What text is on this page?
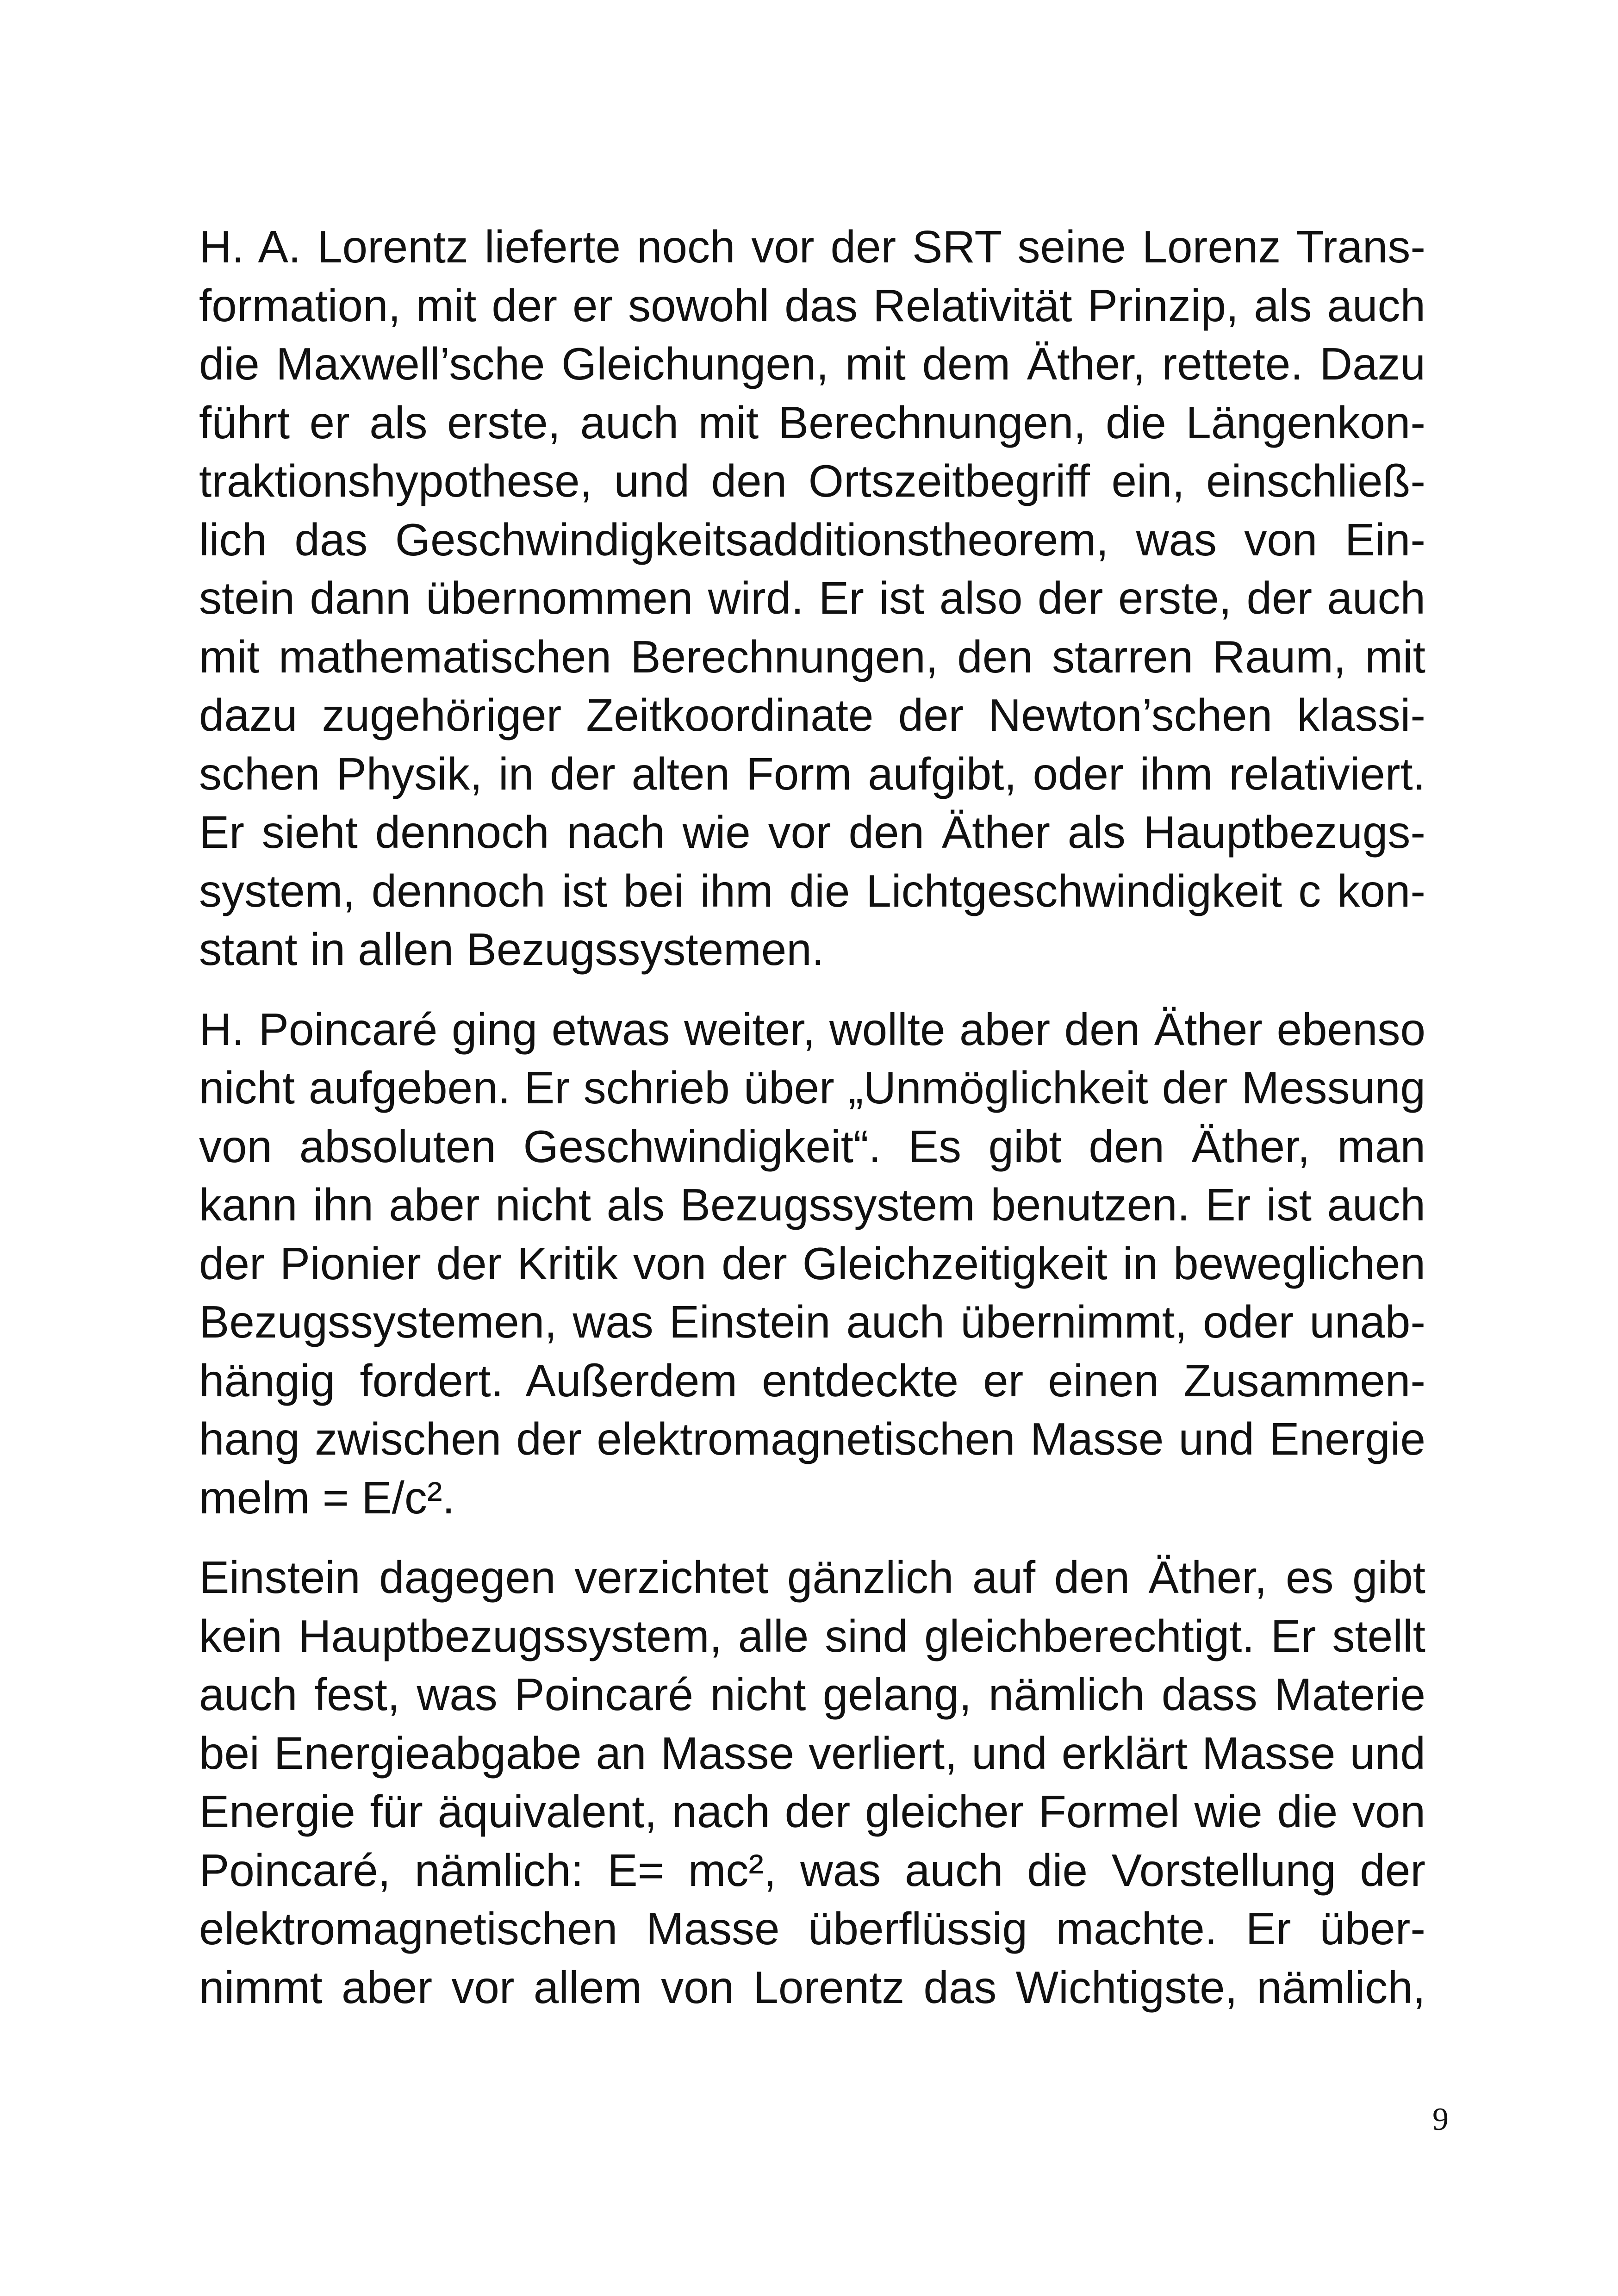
H. A. Lorentz lieferte noch vor der SRT seine Lorenz Trans-
formation, mit der er sowohl das Relativität Prinzip, als auch
die Maxwell’sche Gleichungen, mit dem Äther, rettete. Dazu
führt er als erste, auch mit Berechnungen, die Längenkon-
traktionshypothese, und den Ortszeitbegriff ein, einschließ-
lich das Geschwindigkeitsadditionstheorem, was von Ein-
stein dann übernommen wird. Er ist also der erste, der auch
mit mathematischen Berechnungen, den starren Raum, mit
dazu zugehöriger Zeitkoordinate der Newton’schen klassi-
schen Physik, in der alten Form aufgibt, oder ihm relativiert.
Er sieht dennoch nach wie vor den Äther als Hauptbezugs-
system, dennoch ist bei ihm die Lichtgeschwindigkeit c kon-
stant in allen Bezugssystemen.
H. Poincaré ging etwas weiter, wollte aber den Äther ebenso
nicht aufgeben. Er schrieb über „Unmöglichkeit der Messung
von absoluten Geschwindigkeit“. Es gibt den Äther, man
kann ihn aber nicht als Bezugssystem benutzen. Er ist auch
der Pionier der Kritik von der Gleichzeitigkeit in beweglichen
Bezugssystemen, was Einstein auch übernimmt, oder unab-
hängig fordert. Außerdem entdeckte er einen Zusammen-
hang zwischen der elektromagnetischen Masse und Energie
melm = E/c².
Einstein dagegen verzichtet gänzlich auf den Äther, es gibt
kein Hauptbezugssystem, alle sind gleichberechtigt. Er stellt
auch fest, was Poincaré nicht gelang, nämlich dass Materie
bei Energieabgabe an Masse verliert, und erklärt Masse und
Energie für äquivalent, nach der gleicher Formel wie die von
Poincaré, nämlich: E= mc², was auch die Vorstellung der
elektromagnetischen Masse überflüssig machte. Er über-
nimmt aber vor allem von Lorentz das Wichtigste, nämlich,
9
